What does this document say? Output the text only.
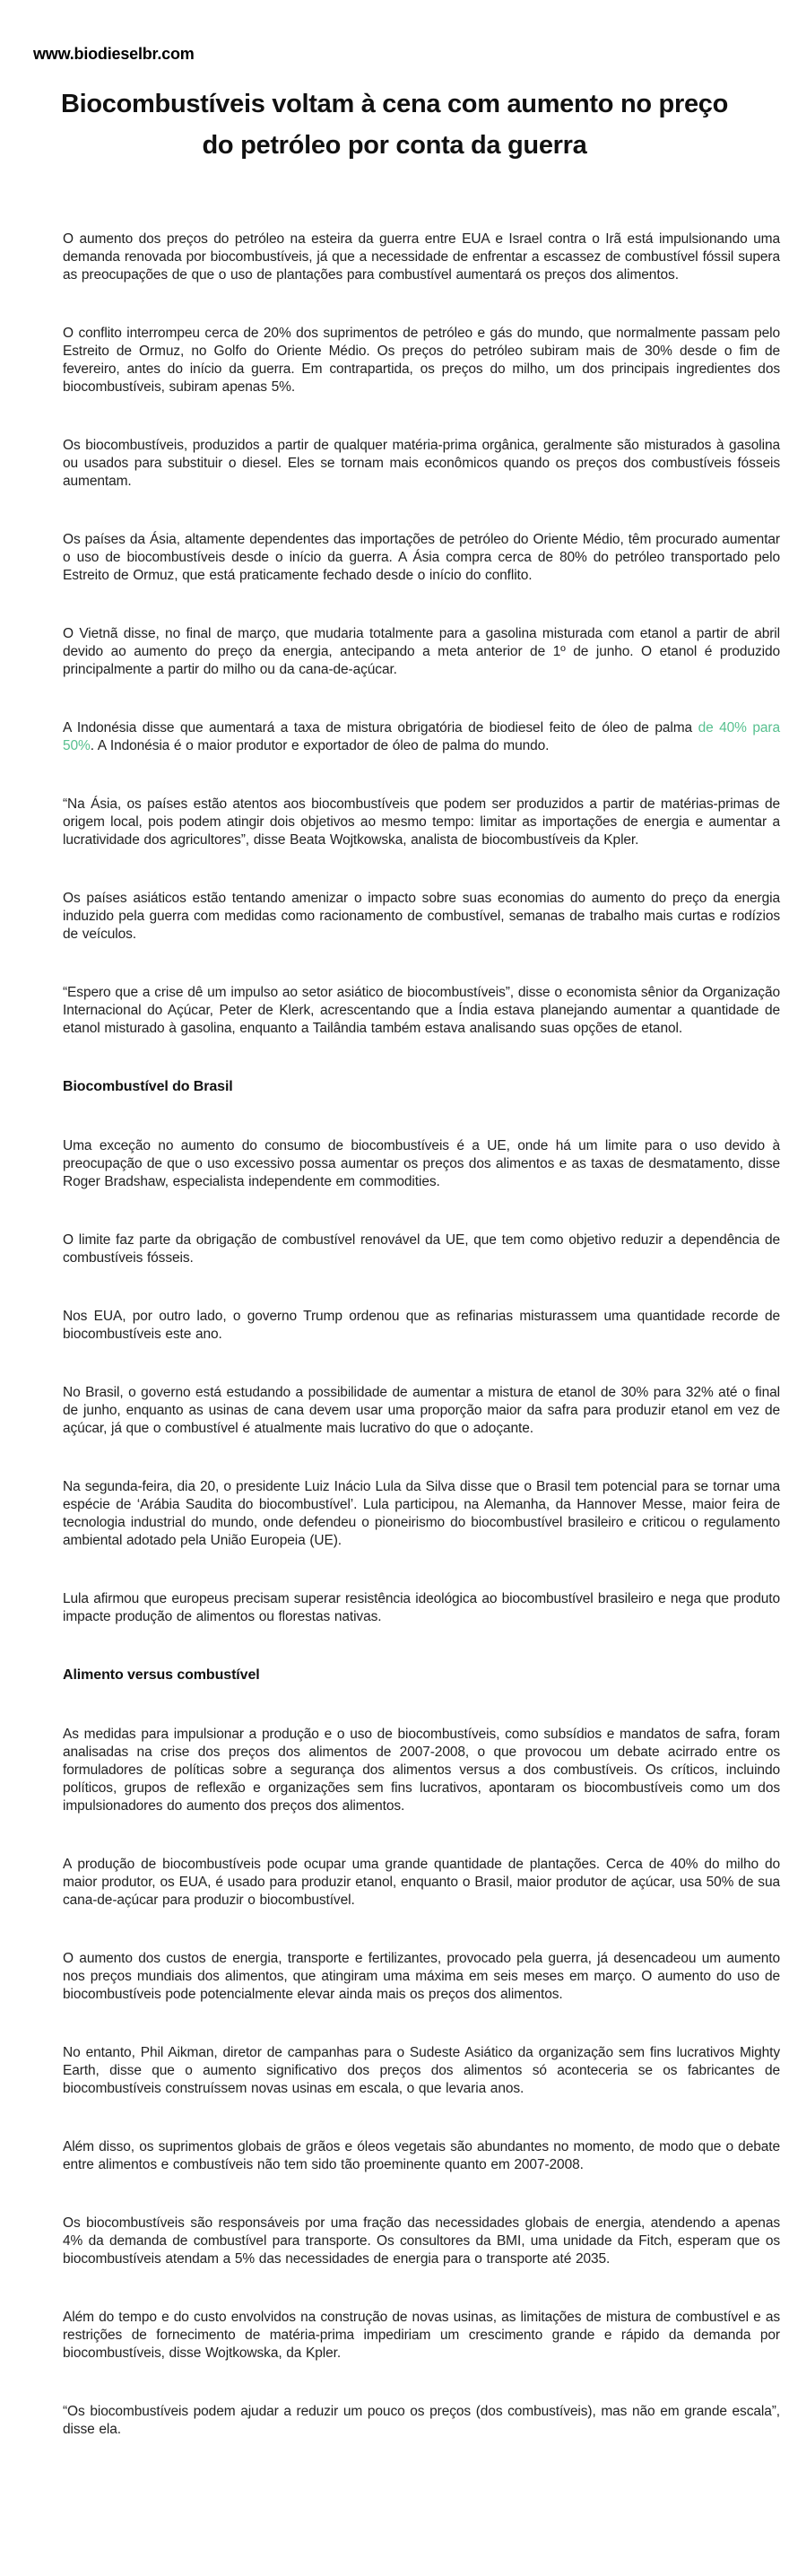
www.biodieselbr.com
Biocombustíveis voltam à cena com aumento no preço do petróleo por conta da guerra

O aumento dos preços do petróleo na esteira da guerra entre EUA e Israel contra o Irã está impulsionando uma demanda renovada por biocombustíveis, já que a necessidade de enfrentar a escassez de combustível fóssil supera as preocupações de que o uso de plantações para combustível aumentará os preços dos alimentos.

O conflito interrompeu cerca de 20% dos suprimentos de petróleo e gás do mundo, que normalmente passam pelo Estreito de Ormuz, no Golfo do Oriente Médio. Os preços do petróleo subiram mais de 30% desde o fim de fevereiro, antes do início da guerra. Em contrapartida, os preços do milho, um dos principais ingredientes dos biocombustíveis, subiram apenas 5%.

Os biocombustíveis, produzidos a partir de qualquer matéria-prima orgânica, geralmente são misturados à gasolina ou usados para substituir o diesel. Eles se tornam mais econômicos quando os preços dos combustíveis fósseis aumentam.

Os países da Ásia, altamente dependentes das importações de petróleo do Oriente Médio, têm procurado aumentar o uso de biocombustíveis desde o início da guerra. A Ásia compra cerca de 80% do petróleo transportado pelo Estreito de Ormuz, que está praticamente fechado desde o início do conflito.

O Vietnã disse, no final de março, que mudaria totalmente para a gasolina misturada com etanol a partir de abril devido ao aumento do preço da energia, antecipando a meta anterior de 1º de junho. O etanol é produzido principalmente a partir do milho ou da cana-de-açúcar.

A Indonésia disse que aumentará a taxa de mistura obrigatória de biodiesel feito de óleo de palma de 40% para 50%. A Indonésia é o maior produtor e exportador de óleo de palma do mundo.

“Na Ásia, os países estão atentos aos biocombustíveis que podem ser produzidos a partir de matérias-primas de origem local, pois podem atingir dois objetivos ao mesmo tempo: limitar as importações de energia e aumentar a lucratividade dos agricultores”, disse Beata Wojtkowska, analista de biocombustíveis da Kpler.

Os países asiáticos estão tentando amenizar o impacto sobre suas economias do aumento do preço da energia induzido pela guerra com medidas como racionamento de combustível, semanas de trabalho mais curtas e rodízios de veículos.

“Espero que a crise dê um impulso ao setor asiático de biocombustíveis”, disse o economista sênior da Organização Internacional do Açúcar, Peter de Klerk, acrescentando que a Índia estava planejando aumentar a quantidade de etanol misturado à gasolina, enquanto a Tailândia também estava analisando suas opções de etanol.

Biocombustível do Brasil

Uma exceção no aumento do consumo de biocombustíveis é a UE, onde há um limite para o uso devido à preocupação de que o uso excessivo possa aumentar os preços dos alimentos e as taxas de desmatamento, disse Roger Bradshaw, especialista independente em commodities.

O limite faz parte da obrigação de combustível renovável da UE, que tem como objetivo reduzir a dependência de combustíveis fósseis.

Nos EUA, por outro lado, o governo Trump ordenou que as refinarias misturassem uma quantidade recorde de biocombustíveis este ano.

No Brasil, o governo está estudando a possibilidade de aumentar a mistura de etanol de 30% para 32% até o final de junho, enquanto as usinas de cana devem usar uma proporção maior da safra para produzir etanol em vez de açúcar, já que o combustível é atualmente mais lucrativo do que o adoçante.

Na segunda-feira, dia 20, o presidente Luiz Inácio Lula da Silva disse que o Brasil tem potencial para se tornar uma espécie de ‘Arábia Saudita do biocombustível’. Lula participou, na Alemanha, da Hannover Messe, maior feira de tecnologia industrial do mundo, onde defendeu o pioneirismo do biocombustível brasileiro e criticou o regulamento ambiental adotado pela União Europeia (UE).

Lula afirmou que europeus precisam superar resistência ideológica ao biocombustível brasileiro e nega que produto impacte produção de alimentos ou florestas nativas.

Alimento versus combustível

As medidas para impulsionar a produção e o uso de biocombustíveis, como subsídios e mandatos de safra, foram analisadas na crise dos preços dos alimentos de 2007-2008, o que provocou um debate acirrado entre os formuladores de políticas sobre a segurança dos alimentos versus a dos combustíveis. Os críticos, incluindo políticos, grupos de reflexão e organizações sem fins lucrativos, apontaram os biocombustíveis como um dos impulsionadores do aumento dos preços dos alimentos.

A produção de biocombustíveis pode ocupar uma grande quantidade de plantações. Cerca de 40% do milho do maior produtor, os EUA, é usado para produzir etanol, enquanto o Brasil, maior produtor de açúcar, usa 50% de sua cana-de-açúcar para produzir o biocombustível.

O aumento dos custos de energia, transporte e fertilizantes, provocado pela guerra, já desencadeou um aumento nos preços mundiais dos alimentos, que atingiram uma máxima em seis meses em março. O aumento do uso de biocombustíveis pode potencialmente elevar ainda mais os preços dos alimentos.

No entanto, Phil Aikman, diretor de campanhas para o Sudeste Asiático da organização sem fins lucrativos Mighty Earth, disse que o aumento significativo dos preços dos alimentos só aconteceria se os fabricantes de biocombustíveis construíssem novas usinas em escala, o que levaria anos.

Além disso, os suprimentos globais de grãos e óleos vegetais são abundantes no momento, de modo que o debate entre alimentos e combustíveis não tem sido tão proeminente quanto em 2007-2008.

Os biocombustíveis são responsáveis por uma fração das necessidades globais de energia, atendendo a apenas 4% da demanda de combustível para transporte. Os consultores da BMI, uma unidade da Fitch, esperam que os biocombustíveis atendam a 5% das necessidades de energia para o transporte até 2035.

Além do tempo e do custo envolvidos na construção de novas usinas, as limitações de mistura de combustível e as restrições de fornecimento de matéria-prima impediriam um crescimento grande e rápido da demanda por biocombustíveis, disse Wojtkowska, da Kpler.

“Os biocombustíveis podem ajudar a reduzir um pouco os preços (dos combustíveis), mas não em grande escala”, disse ela.
